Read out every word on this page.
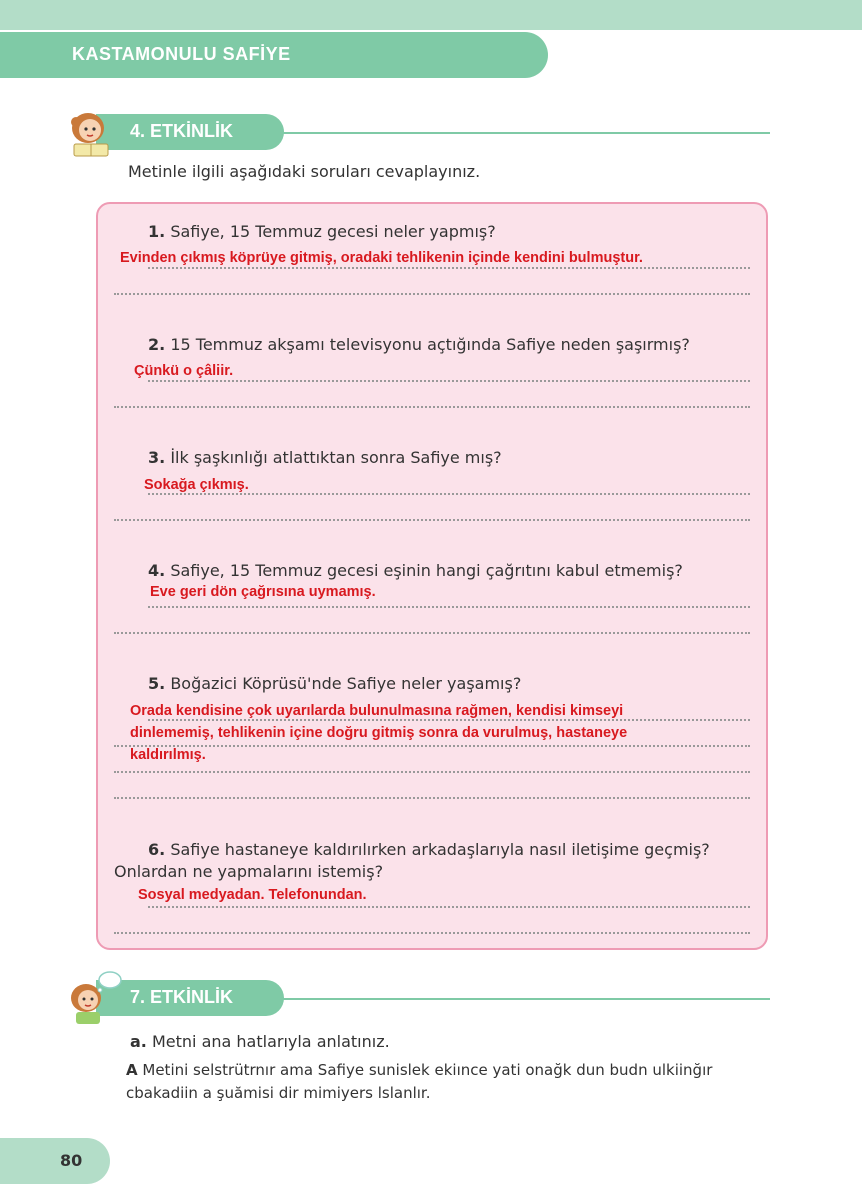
KASTAMONULU SAFİYE
4. ETKİNLİK
Metinle ilgili aşağıdaki soruları cevaplayınız.
1. Safiye, 15 Temmuz gecesi neler yapmış?
Evinden çıkmış köprüye gitmiş, oradaki tehlikenin içinde kendini bulmuştur.
2. 15 Temmuz akşamı televisyonu açtığında Safiye neden şaşırmış?
Çünkü o çâliir.
3. İlk şaşkınlığı atlattıktan sonra Safiye mış?
Sokağa çıkmış.
4. Safiye, 15 Temmuz gecesi eşinin hangi çağrıtını kabul etmemiş?
Eve geri dön çağrısına uymamış.
5. Boğazici Köprüsü'nde Safiye neler yaşamış?
Orada kendisine çok uyarılarda bulunulmasına rağmen, kendisi kimseyi
dinlememiş, tehlikenin içine doğru gitmiş sonra da vurulmuş, hastaneye
kaldırılmış.
6. Safiye hastaneye kaldırılırken arkadaşlarıyla nasıl iletişime geçmiş?
Onlardan ne yapmalarını istemiş?
Sosyal medyadan. Telefonundan.
7. ETKİNLİK
a. Metni ana hatlarıyla anlatınız.
A Metini selstrütrnır ama Safiye sunislek ekiınce yati onağk dun budn ulkiinğır
cbakadiin a şuămisi dir mimiyers lslanlır.
80
